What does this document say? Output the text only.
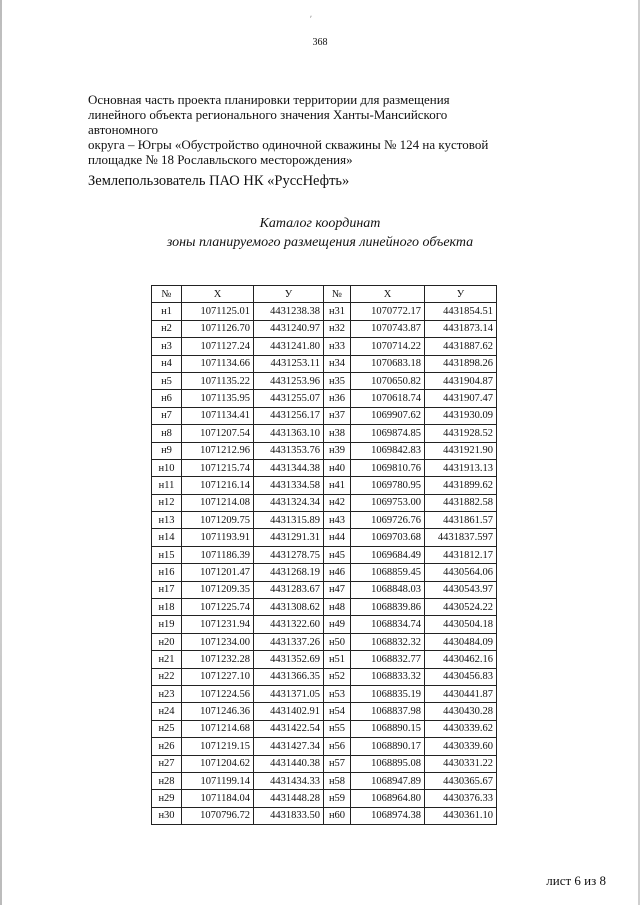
ʹ
368
Основная часть проекта планировки территории для размещения
линейного объекта регионального значения Ханты-Мансийского
автономного
округа – Югры «Обустройство одиночной скважины № 124 на кустовой
площадке № 18 Рославльского месторождения»
Землепользователь ПАО НК «РуссНефть»
Каталог координат
зоны планируемого размещения линейного объекта
№	X	У	№	X	У
н1	1071125.01	4431238.38	н31	1070772.17	4431854.51
н2	1071126.70	4431240.97	н32	1070743.87	4431873.14
н3	1071127.24	4431241.80	н33	1070714.22	4431887.62
н4	1071134.66	4431253.11	н34	1070683.18	4431898.26
н5	1071135.22	4431253.96	н35	1070650.82	4431904.87
н6	1071135.95	4431255.07	н36	1070618.74	4431907.47
н7	1071134.41	4431256.17	н37	1069907.62	4431930.09
н8	1071207.54	4431363.10	н38	1069874.85	4431928.52
н9	1071212.96	4431353.76	н39	1069842.83	4431921.90
н10	1071215.74	4431344.38	н40	1069810.76	4431913.13
н11	1071216.14	4431334.58	н41	1069780.95	4431899.62
н12	1071214.08	4431324.34	н42	1069753.00	4431882.58
н13	1071209.75	4431315.89	н43	1069726.76	4431861.57
н14	1071193.91	4431291.31	н44	1069703.68	4431837.597
н15	1071186.39	4431278.75	н45	1069684.49	4431812.17
н16	1071201.47	4431268.19	н46	1068859.45	4430564.06
н17	1071209.35	4431283.67	н47	1068848.03	4430543.97
н18	1071225.74	4431308.62	н48	1068839.86	4430524.22
н19	1071231.94	4431322.60	н49	1068834.74	4430504.18
н20	1071234.00	4431337.26	н50	1068832.32	4430484.09
н21	1071232.28	4431352.69	н51	1068832.77	4430462.16
н22	1071227.10	4431366.35	н52	1068833.32	4430456.83
н23	1071224.56	4431371.05	н53	1068835.19	4430441.87
н24	1071246.36	4431402.91	н54	1068837.98	4430430.28
н25	1071214.68	4431422.54	н55	1068890.15	4430339.62
н26	1071219.15	4431427.34	н56	1068890.17	4430339.60
н27	1071204.62	4431440.38	н57	1068895.08	4430331.22
н28	1071199.14	4431434.33	н58	1068947.89	4430365.67
н29	1071184.04	4431448.28	н59	1068964.80	4430376.33
н30	1070796.72	4431833.50	н60	1068974.38	4430361.10
лист 6 из 8
